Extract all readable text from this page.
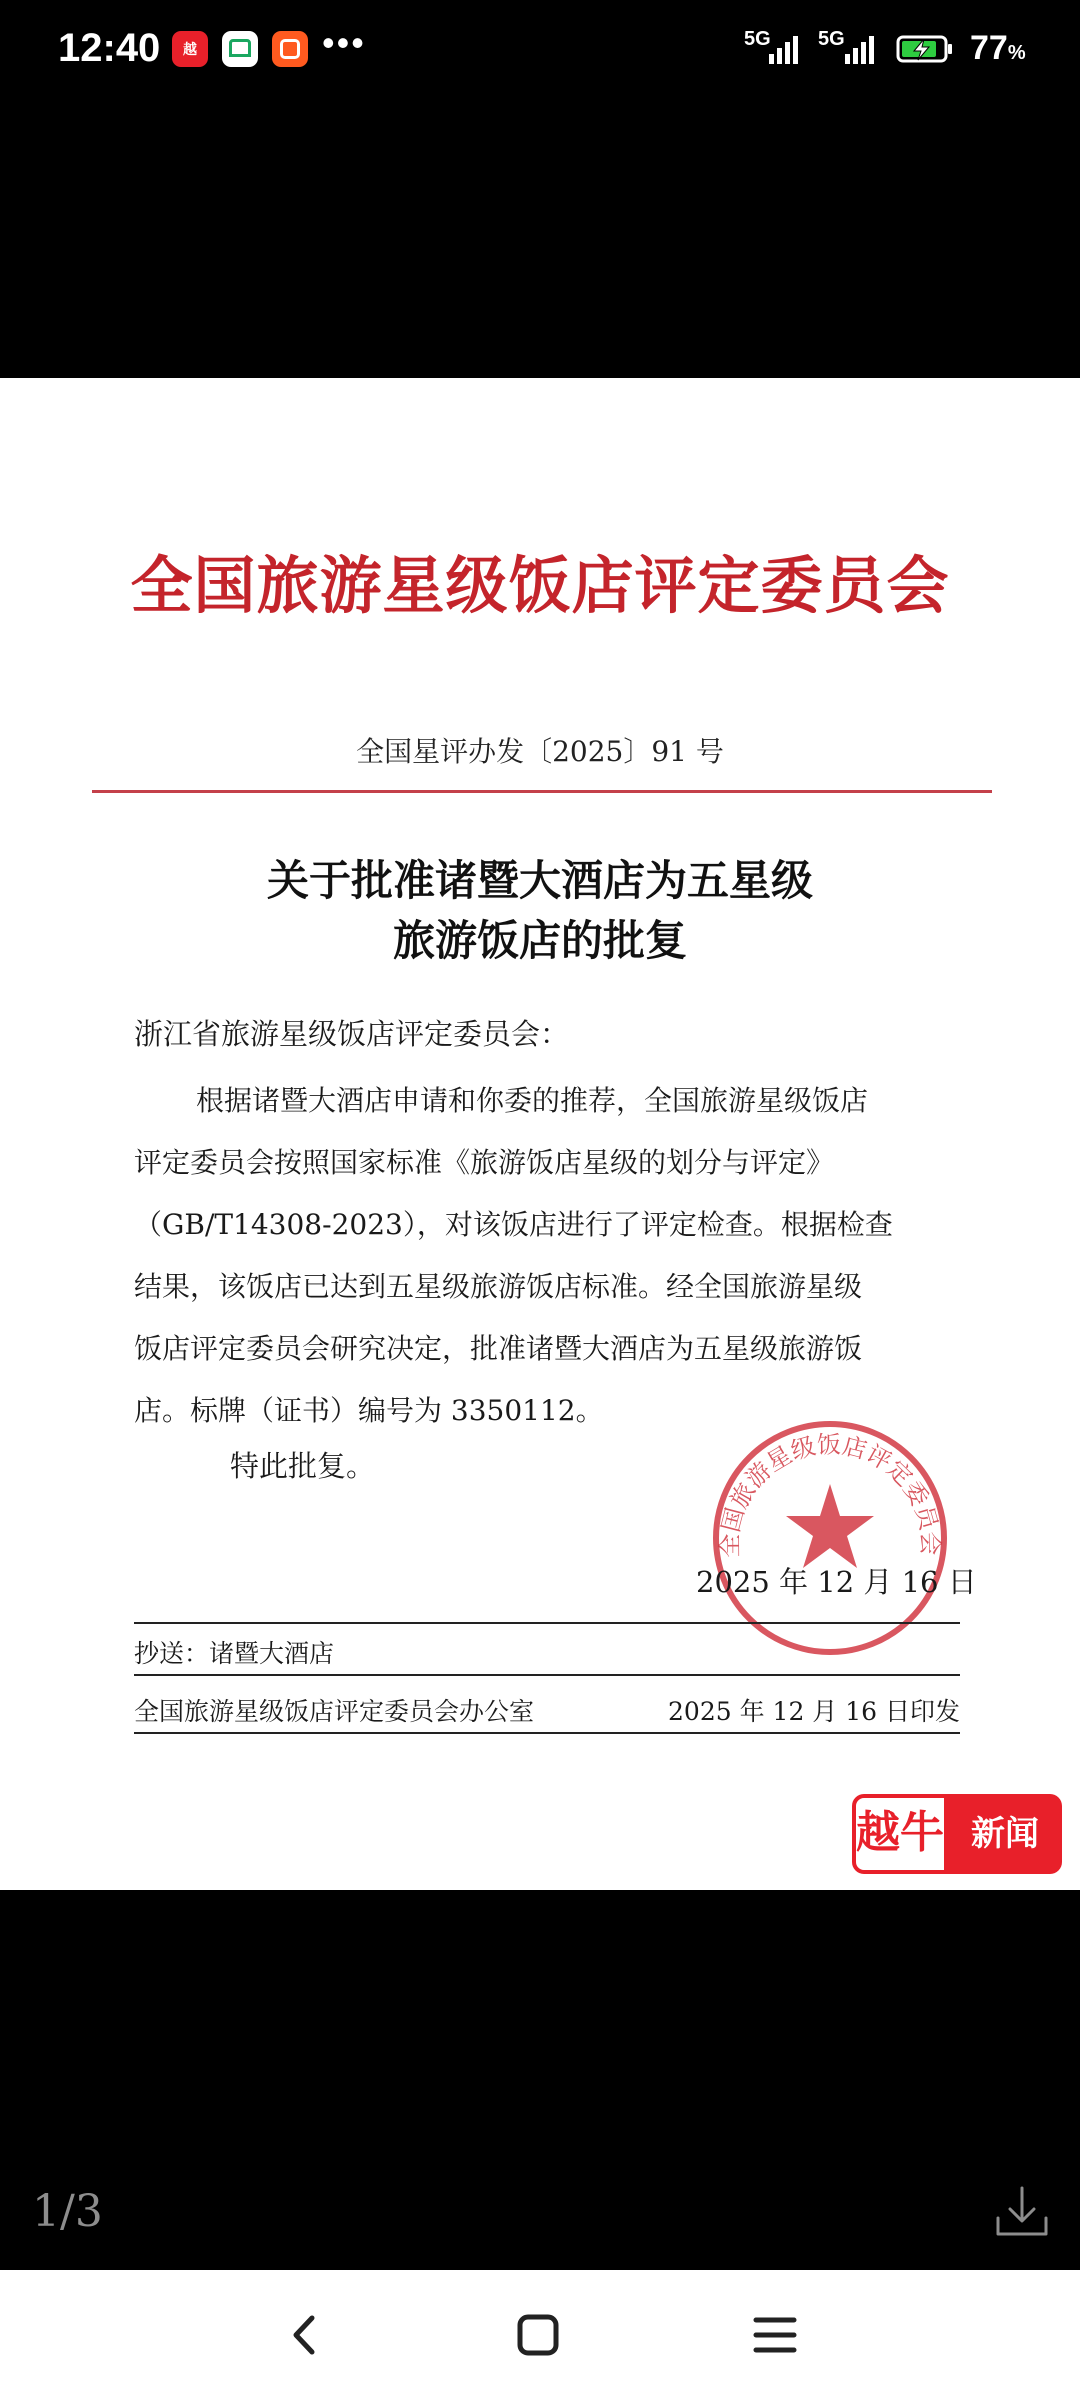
12:40	越	•••	5G 5G	77%
全国旅游星级饭店评定委员会
全国星评办发〔2025〕91 号
关于批准诸暨大酒店为五星级
旅游饭店的批复
浙江省旅游星级饭店评定委员会：
根据诸暨大酒店申请和你委的推荐，全国旅游星级饭店
评定委员会按照国家标准《旅游饭店星级的划分与评定》
（GB/T14308-2023），对该饭店进行了评定检查。根据检查
结果，该饭店已达到五星级旅游饭店标准。经全国旅游星级
饭店评定委员会研究决定，批准诸暨大酒店为五星级旅游饭
店。标牌（证书）编号为 3350112。
特此批复。
全国旅游星级饭店评定委员会
2025 年 12 月 16 日
抄送：诸暨大酒店
全国旅游星级饭店评定委员会办公室	2025 年 12 月 16 日印发
越牛 新闻
1/3
